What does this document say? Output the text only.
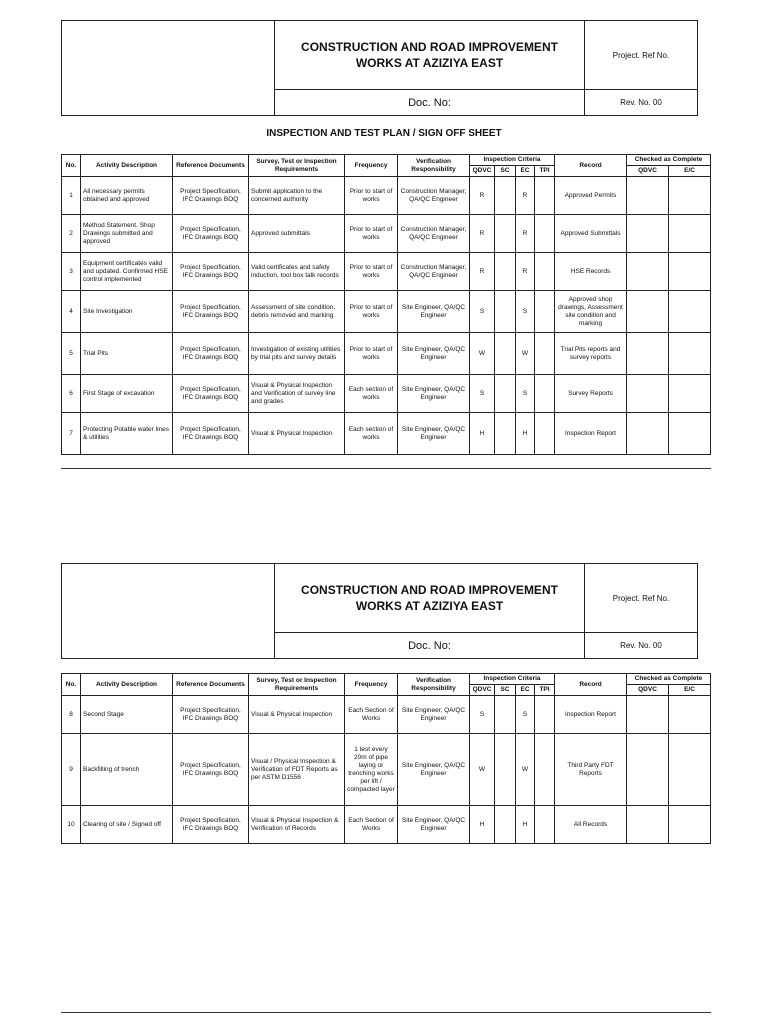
CONSTRUCTION AND ROAD IMPROVEMENT WORKS AT AZIZIYA EAST
Project. Ref No.
Doc. No:	Rev. No. 00
INSPECTION AND TEST PLAN / SIGN OFF SHEET
No.	Activity Description	Reference Documents	Survey, Test or Inspection Requirements	Frequency	Verification Responsibility	Inspection Criteria				Record	Checked as Complete	
						QDVC	SC	EC	TPI		QDVC	E/C
1	All necessary permits obtained and approved	Project Specification, IFC Drawings BOQ	Submit application to the concerned authority	Prior to start of works	Construction Manager, QA/QC Engineer	R		R		Approved Permits		
2	Method Statement, Shop Drawings submitted and approved	Project Specification, IFC Drawings BOQ	Approved submittals	Prior to start of works	Construction Manager, QA/QC Engineer	R		R		Approved Submittals		
3	Equipment certificates valid and updated. Confirmed HSE control implemented	Project Specification, IFC Drawings BOQ	Valid certificates and safety induction, tool box talk records	Prior to start of works	Construction Manager, QA/QC Engineer	R		R		HSE Records		
4	Site Investigation	Project Specification, IFC Drawings BOQ	Assessment of site condition, debris removed and marking	Prior to start of works	Site Engineer, QA/QC Engineer	S		S		Approved shop drawings, Assessment site condition and marking		
5	Trial Pits	Project Specification, IFC Drawings BOQ	Investigation of existing utilities by trial pits and survey details	Prior to start of works	Site Engineer, QA/QC Engineer	W		W		Trial Pits reports and survey reports		
6	First Stage of excavation	Project Specification, IFC Drawings BOQ	Visual & Physical Inspection and Verification of survey line and grades	Each section of works	Site Engineer, QA/QC Engineer	S		S		Survey Reports		
7	Protecting Potable water lines & utilities	Project Specification, IFC Drawings BOQ	Visual & Physical Inspection	Each section of works	Site Engineer, QA/QC Engineer	H		H		Inspection Report		
CONSTRUCTION AND ROAD IMPROVEMENT WORKS AT AZIZIYA EAST
Project. Ref No.
Doc. No:	Rev. No. 00
No.	Activity Description	Reference Documents	Survey, Test or Inspection Requirements	Frequency	Verification Responsibility	Inspection Criteria				Record	Checked as Complete	
						QDVC	SC	EC	TPI		QDVC	E/C
8	Second Stage	Project Specification, IFC Drawings BOQ	Visual & Physical Inspection	Each Section of Works	Site Engineer, QA/QC Engineer	S		S		Inspection Report		
9	Backfilling of trench	Project Specification, IFC Drawings BOQ	Visual / Physical Inspection & Verification of FDT Reports as per ASTM D1556	1 test every 20m of pipe laying or trenching works per lift / compacted layer	Site Engineer, QA/QC Engineer	W		W		Third Party FDT Reports		
10	Clearing of site / Signed off	Project Specification, IFC Drawings BOQ	Visual & Physical Inspection & Verification of Records	Each Section of Works	Site Engineer, QA/QC Engineer	H		H		All Records		
